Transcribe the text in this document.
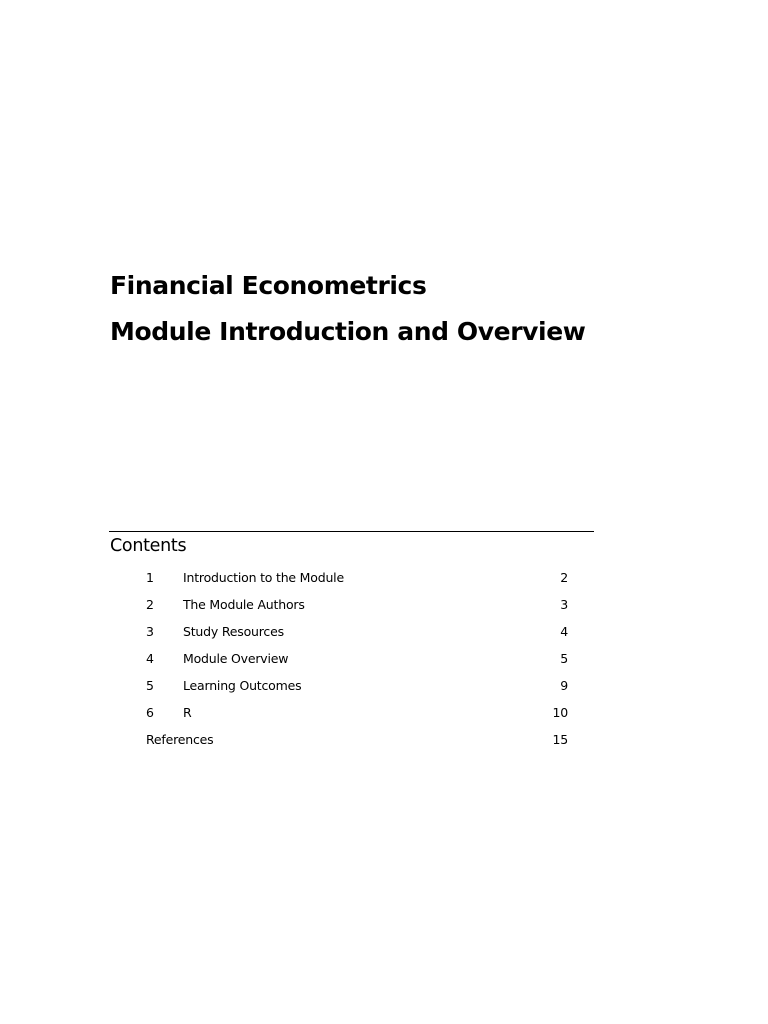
Financial Econometrics
Module Introduction and Overview
Contents
1 Introduction to the Module	2
2 The Module Authors	3
3 Study Resources	4
4 Module Overview	5
5 Learning Outcomes	9
6 R	10
References	15
